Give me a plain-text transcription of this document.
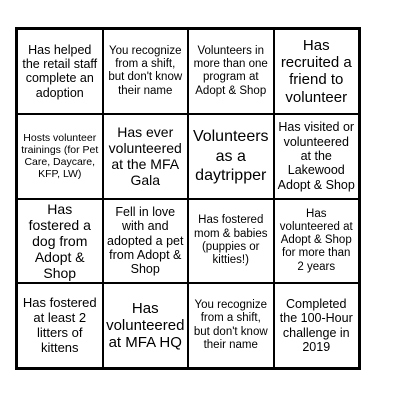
Has helped the retail staff complete an adoption
You recognize from a shift, but don't know their name
Volunteers in more than one program at Adopt & Shop
Has recruited a friend to volunteer
Hosts volunteer trainings (for Pet Care, Daycare, KFP, LW)
Has ever volunteered at the MFA Gala
Volunteers as a daytripper
Has visited or volunteered at the Lakewood Adopt & Shop
Has fostered a dog from Adopt & Shop
Fell in love with and adopted a pet from Adopt & Shop
Has fostered mom & babies (puppies or kitties!)
Has volunteered at Adopt & Shop for more than 2 years
Has fostered at least 2 litters of kittens
Has volunteered at MFA HQ
You recognize from a shift, but don't know their name
Completed the 100-Hour challenge in 2019
